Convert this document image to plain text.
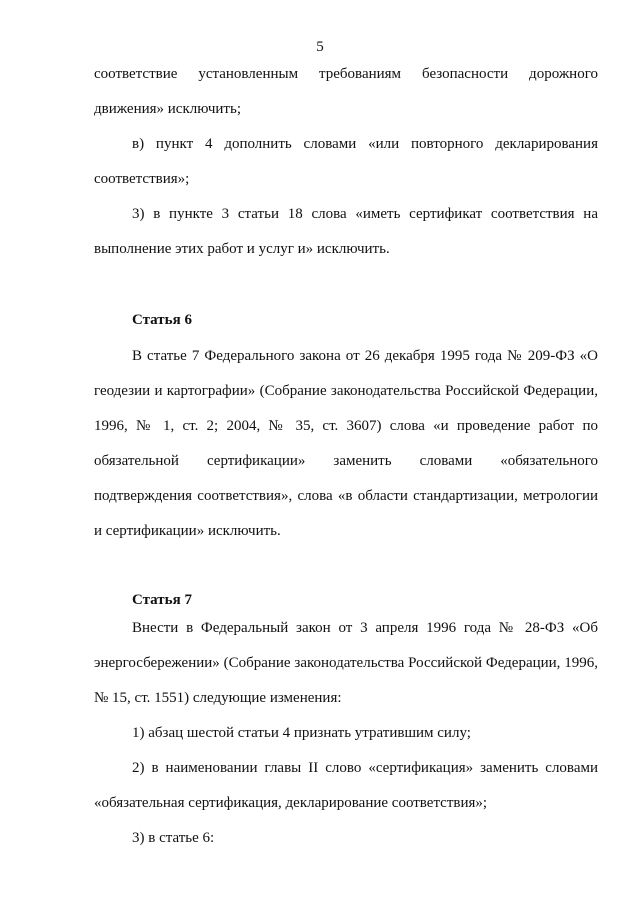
5

соответствие установленным требованиям безопасности дорожного движения» исключить;

в) пункт 4 дополнить словами «или повторного декларирования соответствия»;

3) в пункте 3 статьи 18 слова «иметь сертификат соответствия на выполнение этих работ и услуг и» исключить.

Статья 6

В статье 7 Федерального закона от 26 декабря 1995 года № 209-ФЗ «О геодезии и картографии» (Собрание законодательства Российской Федерации, 1996, № 1, ст. 2; 2004, № 35, ст. 3607) слова «и проведение работ по обязательной сертификации» заменить словами «обязательного подтверждения соответствия», слова «в области стандартизации, метрологии и сертификации» исключить.

Статья 7

Внести в Федеральный закон от 3 апреля 1996 года № 28-ФЗ «Об энергосбережении» (Собрание законодательства Российской Федерации, 1996, № 15, ст. 1551) следующие изменения:

1) абзац шестой статьи 4 признать утратившим силу;

2) в наименовании главы II слово «сертификация» заменить словами «обязательная сертификация, декларирование соответствия»;

3) в статье 6:
